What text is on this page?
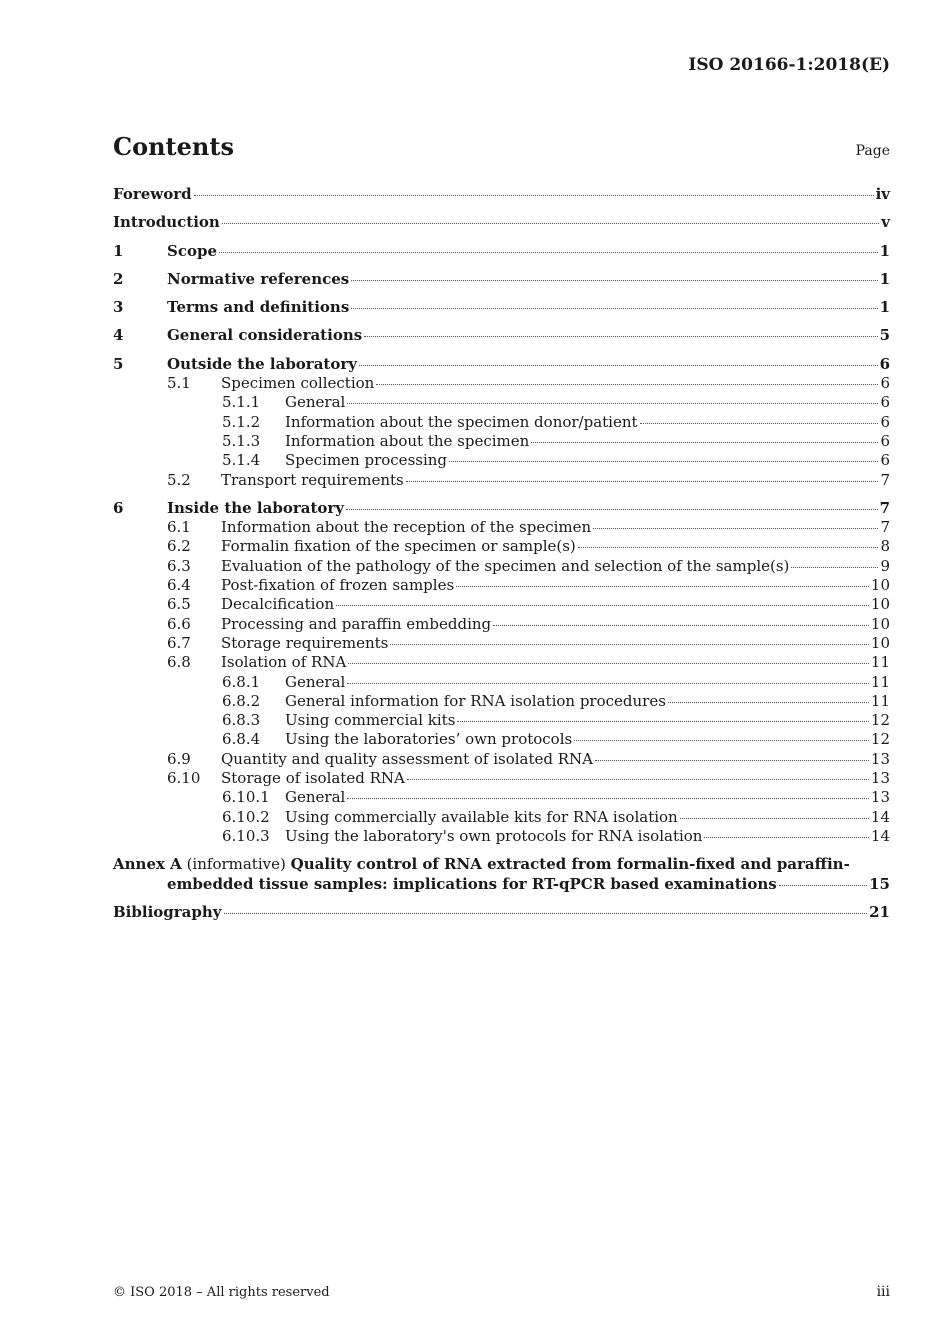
ISO 20166-1:2018(E)
Contents	Page
Foreword	iv
Introduction	v
1	Scope	1
2	Normative references	1
3	Terms and definitions	1
4	General considerations	5
5	Outside the laboratory	6
5.1	Specimen collection	6
5.1.1	General	6
5.1.2	Information about the specimen donor/patient	6
5.1.3	Information about the specimen	6
5.1.4	Specimen processing	6
5.2	Transport requirements	7
6	Inside the laboratory	7
6.1	Information about the reception of the specimen	7
6.2	Formalin fixation of the specimen or sample(s)	8
6.3	Evaluation of the pathology of the specimen and selection of the sample(s)	9
6.4	Post-fixation of frozen samples	10
6.5	Decalcification	10
6.6	Processing and paraffin embedding	10
6.7	Storage requirements	10
6.8	Isolation of RNA	11
6.8.1	General	11
6.8.2	General information for RNA isolation procedures	11
6.8.3	Using commercial kits	12
6.8.4	Using the laboratories’ own protocols	12
6.9	Quantity and quality assessment of isolated RNA	13
6.10	Storage of isolated RNA	13
6.10.1	General	13
6.10.2	Using commercially available kits for RNA isolation	14
6.10.3	Using the laboratory's own protocols for RNA isolation	14
Annex A (informative) Quality control of RNA extracted from formalin-fixed and paraffin-
embedded tissue samples: implications for RT-qPCR based examinations	15
Bibliography	21
© ISO 2018 – All rights reserved	iii
